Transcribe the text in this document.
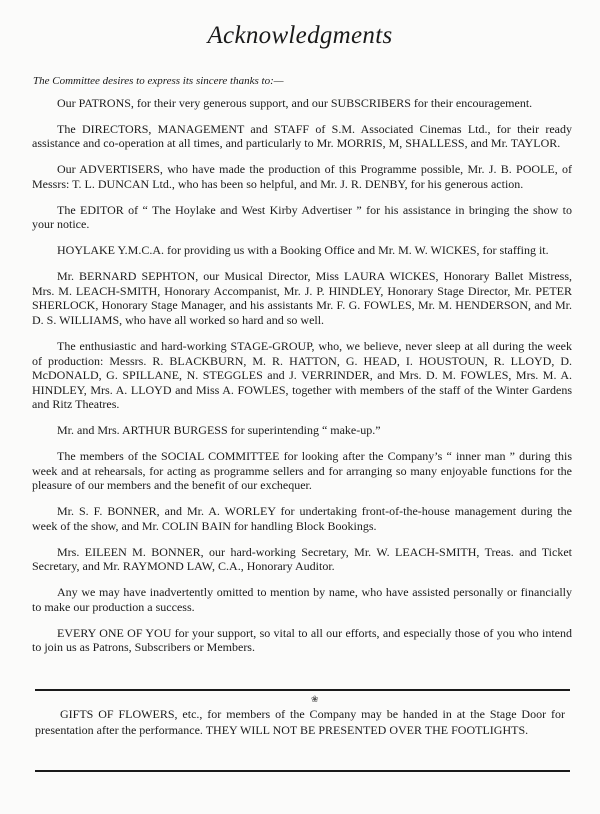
Acknowledgments
The Committee desires to express its sincere thanks to:—

Our PATRONS, for their very generous support, and our SUBSCRIBERS for their encouragement.

The DIRECTORS, MANAGEMENT and STAFF of S.M. Associated Cinemas Ltd., for their ready assistance and co-operation at all times, and particularly to Mr. MORRIS, M, SHALLESS, and Mr. TAYLOR.

Our ADVERTISERS, who have made the production of this Programme possible, Mr. J. B. POOLE, of Messrs: T. L. DUNCAN Ltd., who has been so helpful, and Mr. J. R. DENBY, for his generous action.

The EDITOR of “ The Hoylake and West Kirby Advertiser ” for his assistance in bringing the show to your notice.

HOYLAKE Y.M.C.A. for providing us with a Booking Office and Mr. M. W. WICKES, for staffing it.

Mr. BERNARD SEPHTON, our Musical Director, Miss LAURA WICKES, Honorary Ballet Mistress, Mrs. M. LEACH-SMITH, Honorary Accompanist, Mr. J. P. HINDLEY, Honorary Stage Director, Mr. PETER SHERLOCK, Honorary Stage Manager, and his assistants Mr. F. G. FOWLES, Mr. M. HENDERSON, and Mr. D. S. WILLIAMS, who have all worked so hard and so well.

The enthusiastic and hard-working STAGE-GROUP, who, we believe, never sleep at all during the week of production: Messrs. R. BLACKBURN, M. R. HATTON, G. HEAD, I. HOUSTOUN, R. LLOYD, D. McDONALD, G. SPILLANE, N. STEGGLES and J. VERRINDER, and Mrs. D. M. FOWLES, Mrs. M. A. HINDLEY, Mrs. A. LLOYD and Miss A. FOWLES, together with members of the staff of the Winter Gardens and Ritz Theatres.

Mr. and Mrs. ARTHUR BURGESS for superintending “ make-up.”

The members of the SOCIAL COMMITTEE for looking after the Company’s “ inner man ” during this week and at rehearsals, for acting as programme sellers and for arranging so many enjoyable functions for the pleasure of our members and the benefit of our exchequer.

Mr. S. F. BONNER, and Mr. A. WORLEY for undertaking front-of-the-house management during the week of the show, and Mr. COLIN BAIN for handling Block Bookings.

Mrs. EILEEN M. BONNER, our hard-working Secretary, Mr. W. LEACH-SMITH, Treas. and Ticket Secretary, and Mr. RAYMOND LAW, C.A., Honorary Auditor.

Any we may have inadvertently omitted to mention by name, who have assisted personally or financially to make our production a success.

EVERY ONE OF YOU for your support, so vital to all our efforts, and especially those of you who intend to join us as Patrons, Subscribers or Members.

❀
GIFTS OF FLOWERS, etc., for members of the Company may be handed in at the Stage Door for presentation after the performance. THEY WILL NOT BE PRESENTED OVER THE FOOTLIGHTS.
